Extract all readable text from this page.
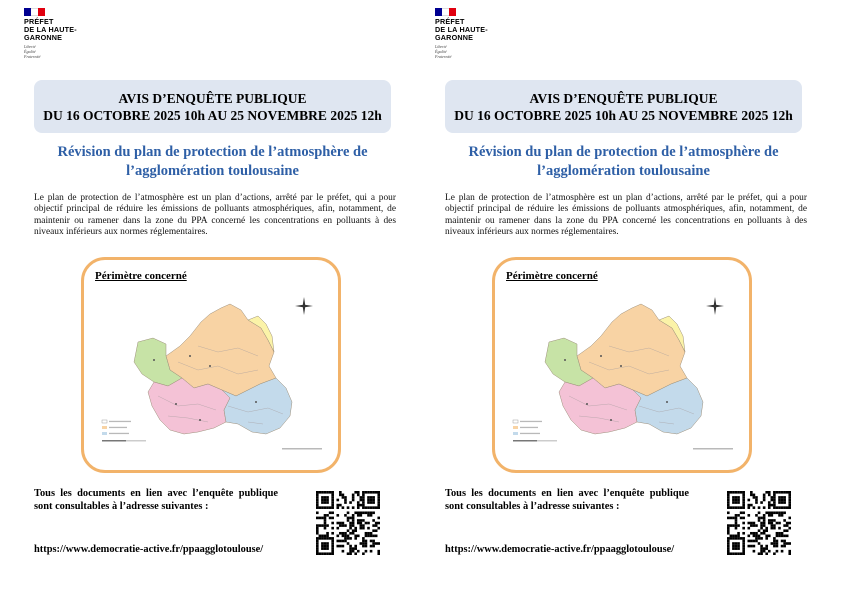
PRÉFET
DE LA HAUTE-
GARONNE
Liberté
Égalité
Fraternité
AVIS D’ENQUÊTE PUBLIQUE
DU 16 OCTOBRE 2025 10h AU 25 NOVEMBRE 2025 12h
Révision du plan de protection de l’atmosphère de
l’agglomération toulousaine
Le plan de protection de l’atmosphère est un plan d’actions, arrêté par le préfet, qui a pour objectif principal de réduire les émissions de polluants atmosphériques, afin, notamment, de maintenir ou ramener dans la zone du PPA concerné les concentrations en polluants à des niveaux inférieurs aux normes réglementaires.
Périmètre concerné
Tous les documents en lien avec l’enquête publique sont consultables à l’adresse suivantes :
https://www.democratie-active.fr/ppaagglotoulouse/
PRÉFET
DE LA HAUTE-
GARONNE
Liberté
Égalité
Fraternité
AVIS D’ENQUÊTE PUBLIQUE
DU 16 OCTOBRE 2025 10h AU 25 NOVEMBRE 2025 12h
Révision du plan de protection de l’atmosphère de
l’agglomération toulousaine
Le plan de protection de l’atmosphère est un plan d’actions, arrêté par le préfet, qui a pour objectif principal de réduire les émissions de polluants atmosphériques, afin, notamment, de maintenir ou ramener dans la zone du PPA concerné les concentrations en polluants à des niveaux inférieurs aux normes réglementaires.
Périmètre concerné
Tous les documents en lien avec l’enquête publique sont consultables à l’adresse suivantes :
https://www.democratie-active.fr/ppaagglotoulouse/
